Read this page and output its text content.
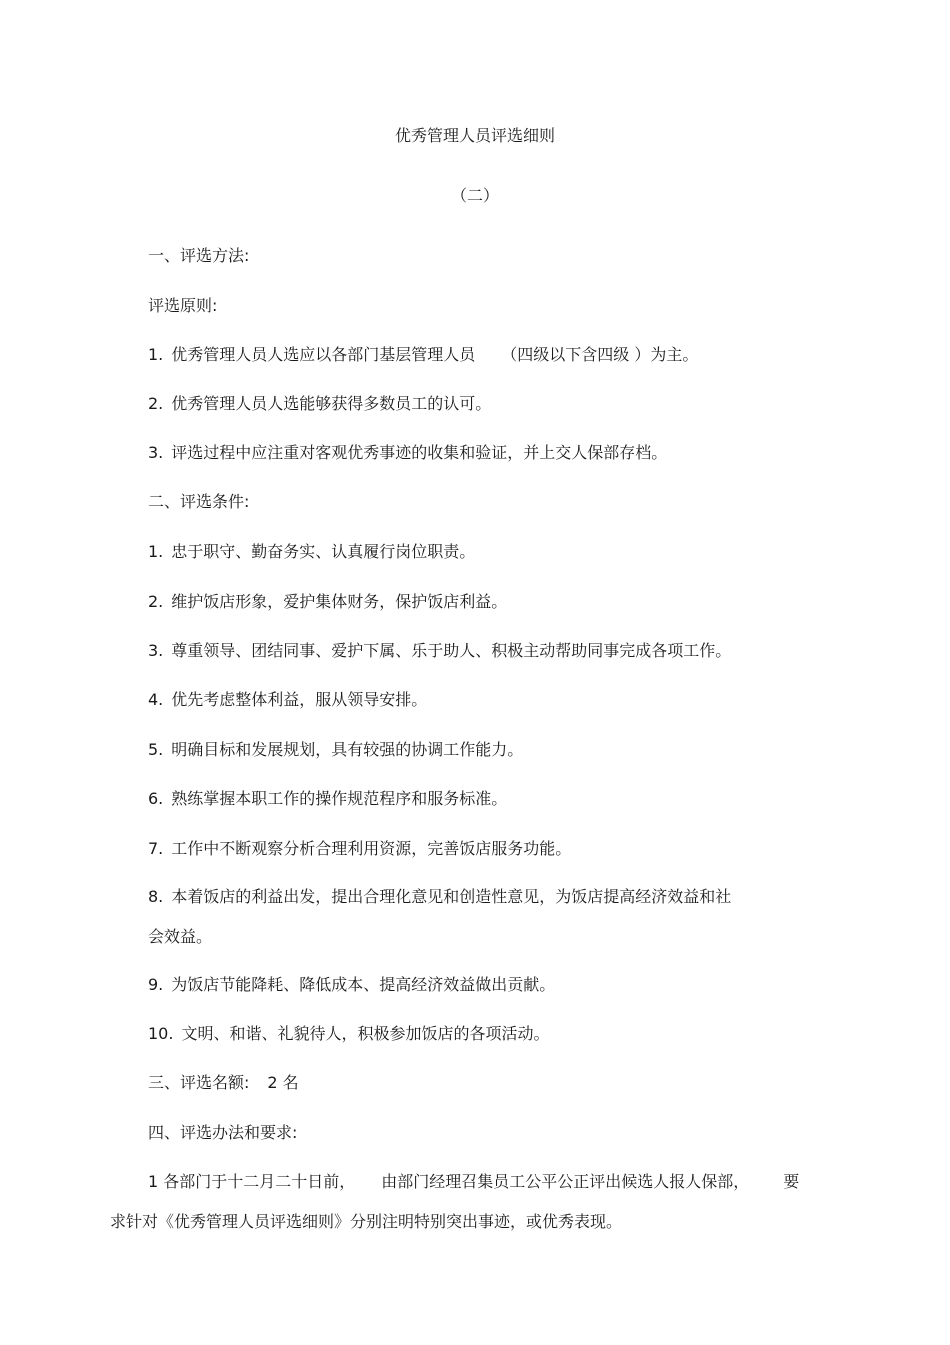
优秀管理人员评选细则
（二）
一、评选方法:
评选原则:
1. 优秀管理人员人选应以各部门基层管理人员 （四级以下含四级 ）为主。
2. 优秀管理人员人选能够获得多数员工的认可。
3. 评选过程中应注重对客观优秀事迹的收集和验证，并上交人保部存档。
二、评选条件:
1. 忠于职守、勤奋务实、认真履行岗位职责。
2. 维护饭店形象，爱护集体财务，保护饭店利益。
3. 尊重领导、团结同事、爱护下属、乐于助人、积极主动帮助同事完成各项工作。
4. 优先考虑整体利益，服从领导安排。
5. 明确目标和发展规划，具有较强的协调工作能力。
6. 熟练掌握本职工作的操作规范程序和服务标准。
7. 工作中不断观察分析合理利用资源，完善饭店服务功能。
8. 本着饭店的利益出发，提出合理化意见和创造性意见，为饭店提高经济效益和社
会效益。
9. 为饭店节能降耗、降低成本、提高经济效益做出贡献。
10. 文明、和谐、礼貌待人，积极参加饭店的各项活动。
三、评选名额: 2 名
四、评选办法和要求:
1 各部门于十二月二十日前， 由部门经理召集员工公平公正评出候选人报人保部， 要
求针对《优秀管理人员评选细则》分别注明特别突出事迹，或优秀表现。
